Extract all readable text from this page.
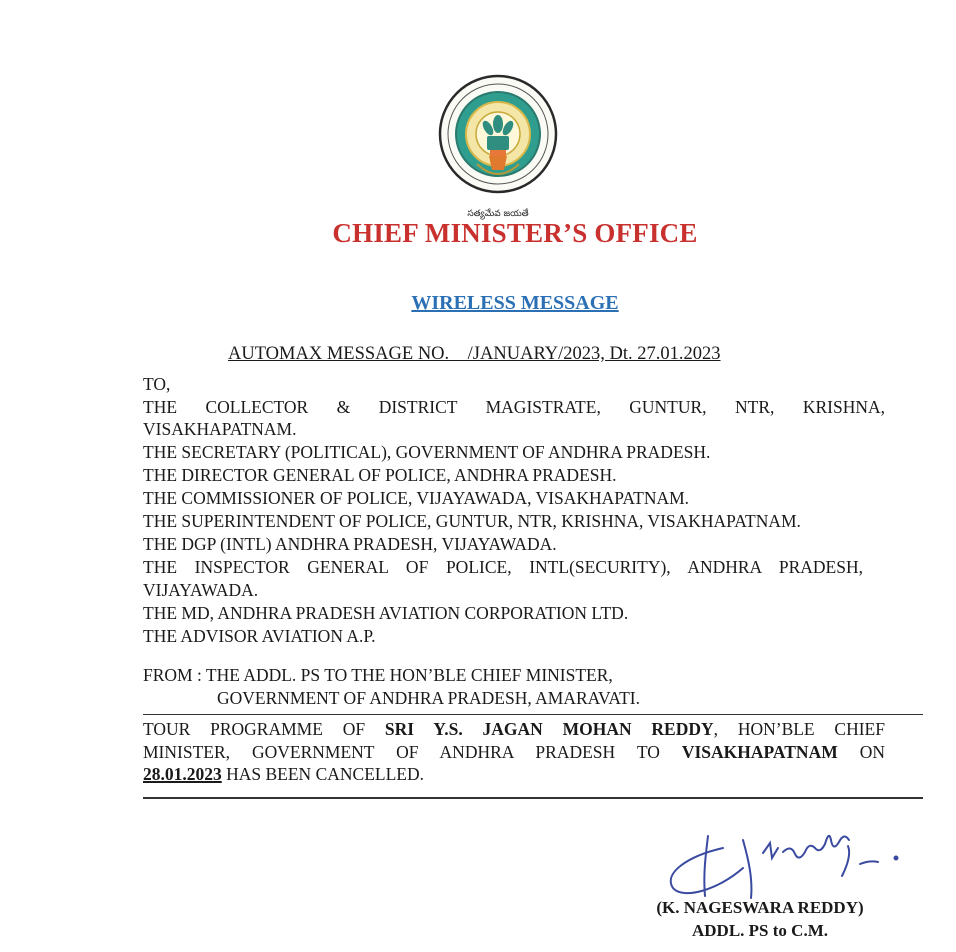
సత్యమేవ జయతే
CHIEF MINISTER’S OFFICE
WIRELESS MESSAGE
AUTOMAX MESSAGE NO.    /JANUARY/2023, Dt. 27.01.2023
TO,
THE COLLECTOR & DISTRICT MAGISTRATE, GUNTUR, NTR, KRISHNA,
VISAKHAPATNAM.
THE SECRETARY (POLITICAL), GOVERNMENT OF ANDHRA PRADESH.
THE DIRECTOR GENERAL OF POLICE, ANDHRA PRADESH.
THE COMMISSIONER OF POLICE, VIJAYAWADA, VISAKHAPATNAM.
THE SUPERINTENDENT OF POLICE, GUNTUR, NTR, KRISHNA, VISAKHAPATNAM.
THE DGP (INTL) ANDHRA PRADESH, VIJAYAWADA.
THE INSPECTOR GENERAL OF POLICE, INTL(SECURITY), ANDHRA PRADESH,
VIJAYAWADA.
THE MD, ANDHRA PRADESH AVIATION CORPORATION LTD.
THE ADVISOR AVIATION A.P.
FROM : THE ADDL. PS TO THE HON’BLE CHIEF MINISTER,
GOVERNMENT OF ANDHRA PRADESH, AMARAVATI.
TOUR PROGRAMME OF SRI Y.S. JAGAN MOHAN REDDY, HON’BLE CHIEF
MINISTER, GOVERNMENT OF ANDHRA PRADESH TO VISAKHAPATNAM ON
28.01.2023 HAS BEEN CANCELLED.
(K. NAGESWARA REDDY)
ADDL. PS to C.M.
